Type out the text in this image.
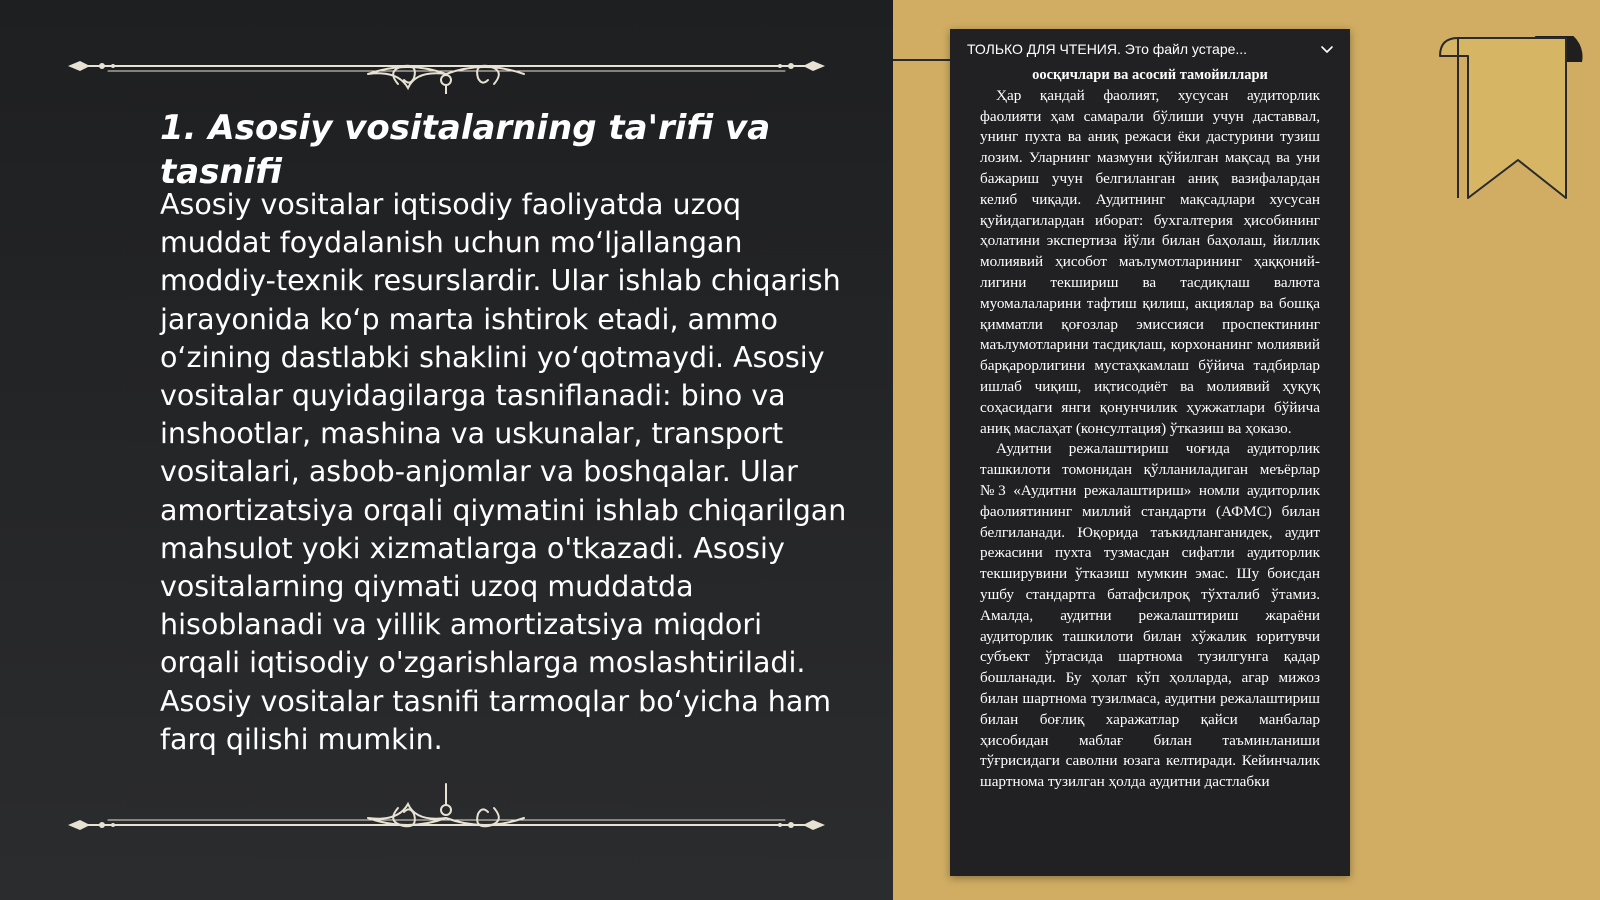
1. Asosiy vositalarning ta'rifi va tasnifi

Asosiy vositalar iqtisodiy faoliyatda uzoq muddat foydalanish uchun moʻljallangan moddiy-texnik resurslardir. Ular ishlab chiqarish jarayonida koʻp marta ishtirok etadi, ammo oʻzining dastlabki shaklini yoʻqotmaydi. Asosiy vositalar quyidagilarga tasniflanadi: bino va inshootlar, mashina va uskunalar, transport vositalari, asbob-anjomlar va boshqalar. Ular amortizatsiya orqali qiymatini ishlab chiqarilgan mahsulot yoki xizmatlarga o'tkazadi. Asosiy vositalarning qiymati uzoq muddatda hisoblanadi va yillik amortizatsiya miqdori orqali iqtisodiy o'zgarishlarga moslashtiriladi. Asosiy vositalar tasnifi tarmoqlar boʻyicha ham farq qilishi mumkin.

ТОЛЬКО ДЛЯ ЧТЕНИЯ. Это файл устаре...

оосқичлари ва асосий тамойиллари

Ҳар қандай фаолият, хусусан аудиторлик фаолияти ҳам самарали бўлиши учун даставвал, унинг пухта ва аниқ режаси ёки дастурини тузиш лозим. Уларнинг мазмуни қўйилган мақсад ва уни бажариш учун белгиланган аниқ вазифалардан келиб чиқади. Аудитнинг мақсадлари хусусан қуйидагилардан иборат: бухгалтерия ҳисобининг ҳолатини экспертиза йўли билан баҳолаш, йиллик молиявий ҳисобот маълумотларининг ҳаққоний-лигини текшириш ва тасдиқлаш валюта муомалаларини тафтиш қилиш, акциялар ва бошқа қимматли қоғозлар эмиссияси проспектининг маълумотларини тасдиқлаш, корхонанинг молиявий барқарорлигини мустаҳкамлаш бўйича тадбирлар ишлаб чиқиш, иқтисодиёт ва молиявий ҳуқуқ соҳасидаги янги қонунчилик ҳужжатлари бўйича аниқ маслаҳат (консултация) ўтказиш ва ҳоказо.

Аудитни режалаштириш чоғида аудиторлик ташкилоти томонидан қўлланиладиган меъёрлар №3 «Аудитни режалаштириш» номли аудиторлик фаолиятининг миллий стандарти (АФМС) билан белгиланади. Юқорида таъкидланганидек, аудит режасини пухта тузмасдан сифатли аудиторлик текширувини ўтказиш мумкин эмас. Шу боисдан ушбу стандартга батафсилроқ тўхталиб ўтамиз. Амалда, аудитни режалаштириш жараёни аудиторлик ташкилоти билан хўжалик юритувчи субъект ўртасида шартнома тузилгунга қадар бошланади. Бу ҳолат кўп ҳолларда, агар мижоз билан шартнома тузилмаса, аудитни режалаштириш билан боғлиқ харажатлар қайси манбалар ҳисобидан маблағ билан таъминланиши тўғрисидаги саволни юзага келтиради. Кейинчалик шартнома тузилган ҳолда аудитни дастлабки
